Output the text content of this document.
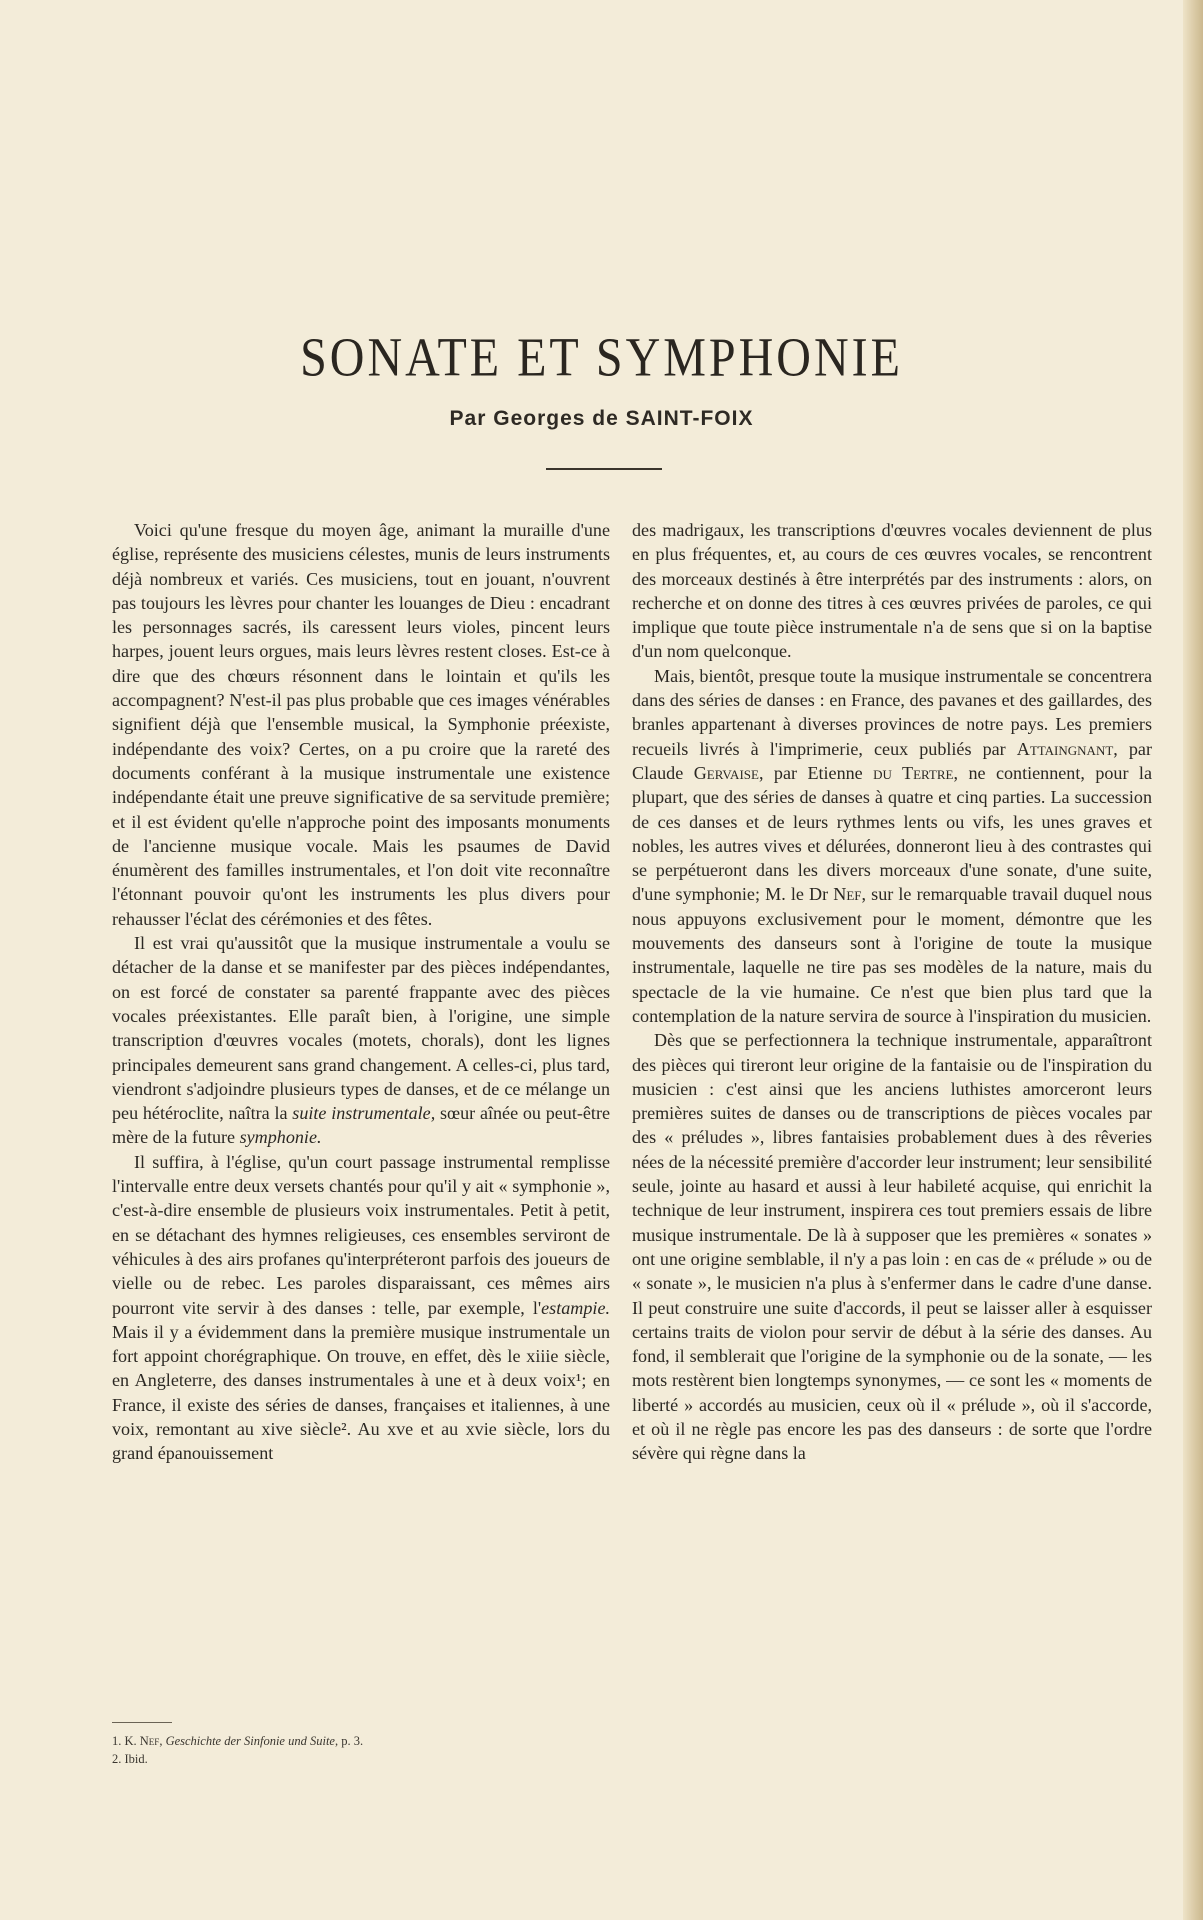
SONATE ET SYMPHONIE
Par Georges de SAINT-FOIX

Voici qu'une fresque du moyen âge, animant la muraille d'une église, représente des musiciens célestes, munis de leurs instruments déjà nombreux et variés. Ces musiciens, tout en jouant, n'ouvrent pas toujours les lèvres pour chanter les louanges de Dieu : encadrant les personnages sacrés, ils caressent leurs violes, pincent leurs harpes, jouent leurs orgues, mais leurs lèvres restent closes. Est-ce à dire que des chœurs résonnent dans le lointain et qu'ils les accompagnent? N'est-il pas plus probable que ces images vénérables signifient déjà que l'ensemble musical, la Symphonie préexiste, indépendante des voix? Certes, on a pu croire que la rareté des documents conférant à la musique instrumentale une existence indépendante était une preuve significative de sa servitude première; et il est évident qu'elle n'approche point des imposants monuments de l'ancienne musique vocale. Mais les psaumes de David énumèrent des familles instrumentales, et l'on doit vite reconnaître l'étonnant pouvoir qu'ont les instruments les plus divers pour rehausser l'éclat des cérémonies et des fêtes.

Il est vrai qu'aussitôt que la musique instrumentale a voulu se détacher de la danse et se manifester par des pièces indépendantes, on est forcé de constater sa parenté frappante avec des pièces vocales préexistantes. Elle paraît bien, à l'origine, une simple transcription d'œuvres vocales (motets, chorals), dont les lignes principales demeurent sans grand changement. A celles-ci, plus tard, viendront s'adjoindre plusieurs types de danses, et de ce mélange un peu hétéroclite, naîtra la suite instrumentale, sœur aînée ou peut-être mère de la future symphonie.

Il suffira, à l'église, qu'un court passage instrumental remplisse l'intervalle entre deux versets chantés pour qu'il y ait « symphonie », c'est-à-dire ensemble de plusieurs voix instrumentales. Petit à petit, en se détachant des hymnes religieuses, ces ensembles serviront de véhicules à des airs profanes qu'interpréteront parfois des joueurs de vielle ou de rebec. Les paroles disparaissant, ces mêmes airs pourront vite servir à des danses : telle, par exemple, l'estampie. Mais il y a évidemment dans la première musique instrumentale un fort appoint chorégraphique. On trouve, en effet, dès le xiiie siècle, en Angleterre, des danses instrumentales à une et à deux voix¹; en France, il existe des séries de danses, françaises et italiennes, à une voix, remontant au xive siècle². Au xve et au xvie siècle, lors du grand épanouissement

des madrigaux, les transcriptions d'œuvres vocales deviennent de plus en plus fréquentes, et, au cours de ces œuvres vocales, se rencontrent des morceaux destinés à être interprétés par des instruments : alors, on recherche et on donne des titres à ces œuvres privées de paroles, ce qui implique que toute pièce instrumentale n'a de sens que si on la baptise d'un nom quelconque.

Mais, bientôt, presque toute la musique instrumentale se concentrera dans des séries de danses : en France, des pavanes et des gaillardes, des branles appartenant à diverses provinces de notre pays. Les premiers recueils livrés à l'imprimerie, ceux publiés par Attaingnant, par Claude Gervaise, par Etienne du Tertre, ne contiennent, pour la plupart, que des séries de danses à quatre et cinq parties. La succession de ces danses et de leurs rythmes lents ou vifs, les unes graves et nobles, les autres vives et délurées, donneront lieu à des contrastes qui se perpétueront dans les divers morceaux d'une sonate, d'une suite, d'une symphonie; M. le Dr Nef, sur le remarquable travail duquel nous nous appuyons exclusivement pour le moment, démontre que les mouvements des danseurs sont à l'origine de toute la musique instrumentale, laquelle ne tire pas ses modèles de la nature, mais du spectacle de la vie humaine. Ce n'est que bien plus tard que la contemplation de la nature servira de source à l'inspiration du musicien.

Dès que se perfectionnera la technique instrumentale, apparaîtront des pièces qui tireront leur origine de la fantaisie ou de l'inspiration du musicien : c'est ainsi que les anciens luthistes amorceront leurs premières suites de danses ou de transcriptions de pièces vocales par des « préludes », libres fantaisies probablement dues à des rêveries nées de la nécessité première d'accorder leur instrument; leur sensibilité seule, jointe au hasard et aussi à leur habileté acquise, qui enrichit la technique de leur instrument, inspirera ces tout premiers essais de libre musique instrumentale. De là à supposer que les premières « sonates » ont une origine semblable, il n'y a pas loin : en cas de « prélude » ou de « sonate », le musicien n'a plus à s'enfermer dans le cadre d'une danse. Il peut construire une suite d'accords, il peut se laisser aller à esquisser certains traits de violon pour servir de début à la série des danses. Au fond, il semblerait que l'origine de la symphonie ou de la sonate, — les mots restèrent bien longtemps synonymes, — ce sont les « moments de liberté » accordés au musicien, ceux où il « prélude », où il s'accorde, et où il ne règle pas encore les pas des danseurs : de sorte que l'ordre sévère qui règne dans la

1. K. Nef, Geschichte der Sinfonie und Suite, p. 3.
2. Ibid.
